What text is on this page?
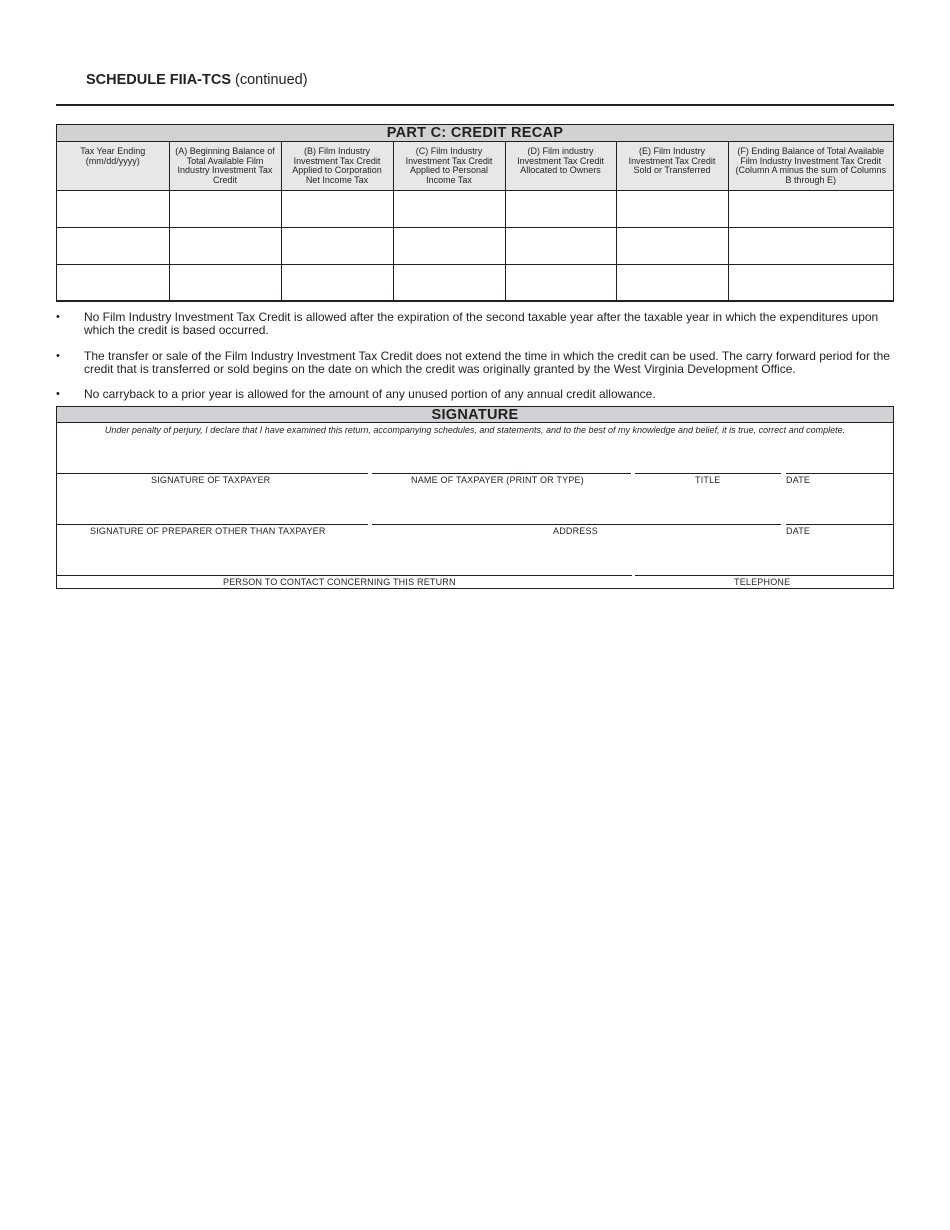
SCHEDULE FIIA-TCS (continued)
PART C: CREDIT RECAP
Tax Year Ending (mm/dd/yyyy)	(A) Beginning Balance of Total Available Film Industry Investment Tax Credit	(B) Film Industry Investment Tax Credit Applied to Corporation Net Income Tax	(C) Film Industry Investment Tax Credit Applied to Personal Income Tax	(D) Film industry Investment Tax Credit Allocated to Owners	(E) Film Industry Investment Tax Credit Sold or Transferred	(F) Ending Balance of Total Available Film Industry Investment Tax Credit (Column A minus the sum of Columns B through E)

• No Film Industry Investment Tax Credit is allowed after the expiration of the second taxable year after the taxable year in which the expenditures upon which the credit is based occurred.
• The transfer or sale of the Film Industry Investment Tax Credit does not extend the time in which the credit can be used. The carry forward period for the credit that is transferred or sold begins on the date on which the credit was originally granted by the West Virginia Development Office.
• No carryback to a prior year is allowed for the amount of any unused portion of any annual credit allowance.
SIGNATURE
Under penalty of perjury, I declare that I have examined this return, accompanying schedules, and statements, and to the best of my knowledge and belief, it is true, correct and complete.
SIGNATURE OF TAXPAYER	NAME OF TAXPAYER (PRINT OR TYPE)	TITLE	DATE
SIGNATURE OF PREPARER OTHER THAN TAXPAYER	ADDRESS	DATE
PERSON TO CONTACT CONCERNING THIS RETURN	TELEPHONE
